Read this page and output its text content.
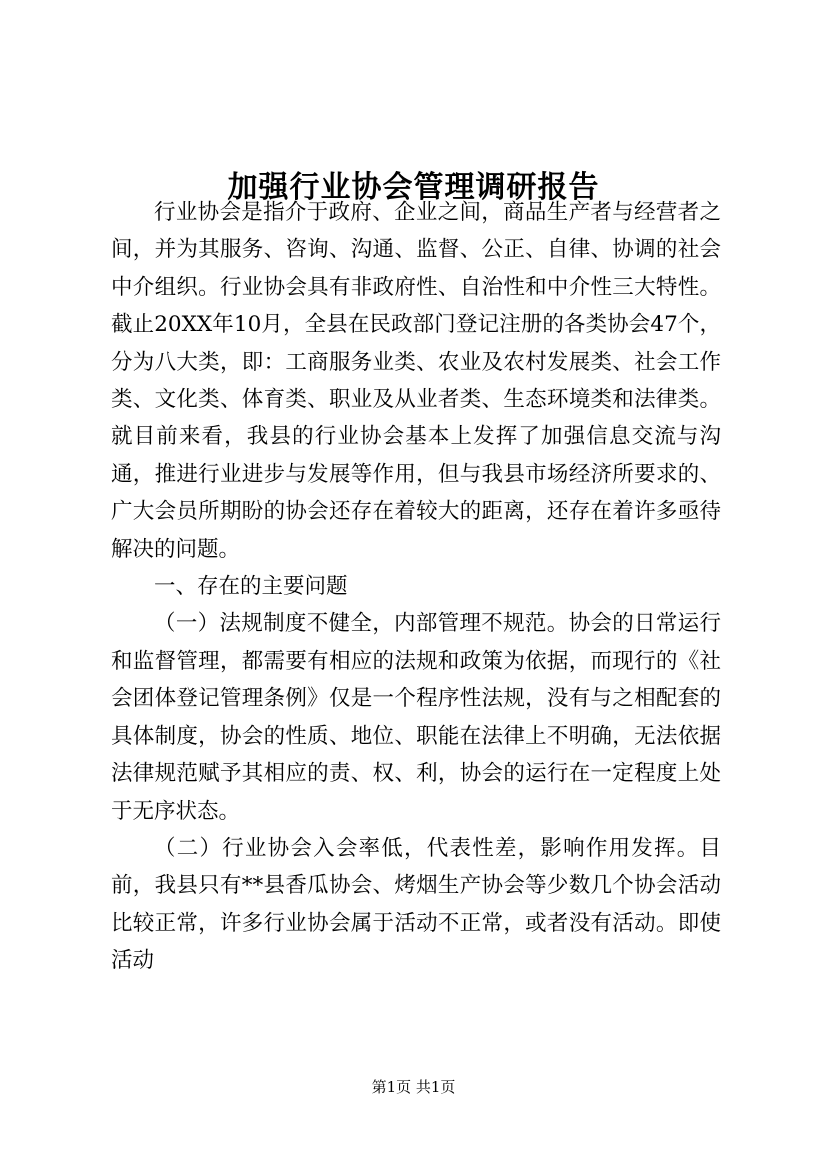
加强行业协会管理调研报告

行业协会是指介于政府、企业之间，商品生产者与经营者之间，并为其服务、咨询、沟通、监督、公正、自律、协调的社会中介组织。行业协会具有非政府性、自治性和中介性三大特性。截止20XX年10月，全县在民政部门登记注册的各类协会47个，分为八大类，即：工商服务业类、农业及农村发展类、社会工作类、文化类、体育类、职业及从业者类、生态环境类和法律类。就目前来看，我县的行业协会基本上发挥了加强信息交流与沟通，推进行业进步与发展等作用，但与我县市场经济所要求的、广大会员所期盼的协会还存在着较大的距离，还存在着许多亟待解决的问题。

一、存在的主要问题

（一）法规制度不健全，内部管理不规范。协会的日常运行和监督管理，都需要有相应的法规和政策为依据，而现行的《社会团体登记管理条例》仅是一个程序性法规，没有与之相配套的具体制度，协会的性质、地位、职能在法律上不明确，无法依据法律规范赋予其相应的责、权、利，协会的运行在一定程度上处于无序状态。

（二）行业协会入会率低，代表性差，影响作用发挥。目前，我县只有**县香瓜协会、烤烟生产协会等少数几个协会活动比较正常，许多行业协会属于活动不正常，或者没有活动。即使活动

第1页 共1页
